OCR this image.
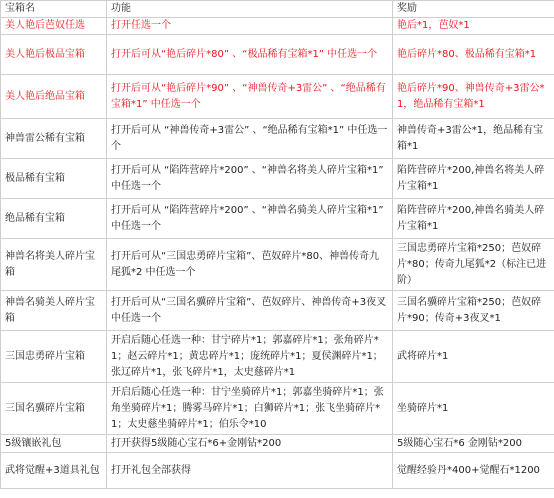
宝箱名	功能	奖励
美人艳后芭奴任选	打开任选一个	艳后*1，芭奴*1
美人艳后极品宝箱	打开后可从“艳后碎片*80” 、“极品稀有宝箱*1” 中任选一个	艳后碎片*80、极品稀有宝箱*1
美人艳后绝品宝箱	打开后可从“艳后碎片*90” 、“神兽传奇+3雷公” 、“绝品稀有宝箱*1” 中任选一个	艳后碎片*90、神兽传奇+3雷公*1，绝品稀有宝箱*1
神兽雷公稀有宝箱	打开后可从 “神兽传奇+3雷公” 、“绝品稀有宝箱*1” 中任选一个	神兽传奇+3雷公*1，绝品稀有宝箱*1
极品稀有宝箱	打开后可从 “陷阵营碎片*200” 、“神兽名将美人碎片宝箱*1” 中任选一个	陷阵营碎片*200,神兽名将美人碎片宝箱*1
绝品稀有宝箱	打开后可从 “陷阵营碎片*200” 、“神兽名骑美人碎片宝箱*1” 中任选一个	陷阵营碎片*200,神兽名骑美人碎片宝箱*1
神兽名将美人碎片宝箱	打开后可从“三国忠勇碎片宝箱”、芭奴碎片*80、神兽传奇九尾狐*2 中任选一个	三国忠勇碎片宝箱*250；芭奴碎片*80；传奇九尾狐*2（标注已进阶）
神兽名骑美人碎片宝箱	打开后可从“三国名骥碎片宝箱”、芭奴碎片、神兽传奇+3夜叉 中任选一个	三国名骥碎片宝箱*250；芭奴碎片*90；传奇+3夜叉*1
三国忠勇碎片宝箱	开启后随心任选一种：甘宁碎片*1；郭嘉碎片*1；张角碎片*1；赵云碎片*1；黄忠碎片*1；庞统碎片*1；夏侯渊碎片*1；张辽碎片*1，张飞碎片*1，太史慈碎片*1	武将碎片*1
三国名骥碎片宝箱	开启后随心任选一种：甘宁坐骑碎片*1；郭嘉坐骑碎片*1；张角坐骑碎片*1；腾雾马碎片*1；白狮碎片*1；张飞坐骑碎片*1；太史慈坐骑碎片*1；伯乐令*10	坐骑碎片*1
5级镶嵌礼包	打开获得5级随心宝石*6+金刚钻*200	5级随心宝石*6 金刚钻*200
武将觉醒+3道具礼包	打开礼包全部获得	觉醒经验丹*400+觉醒石*1200
